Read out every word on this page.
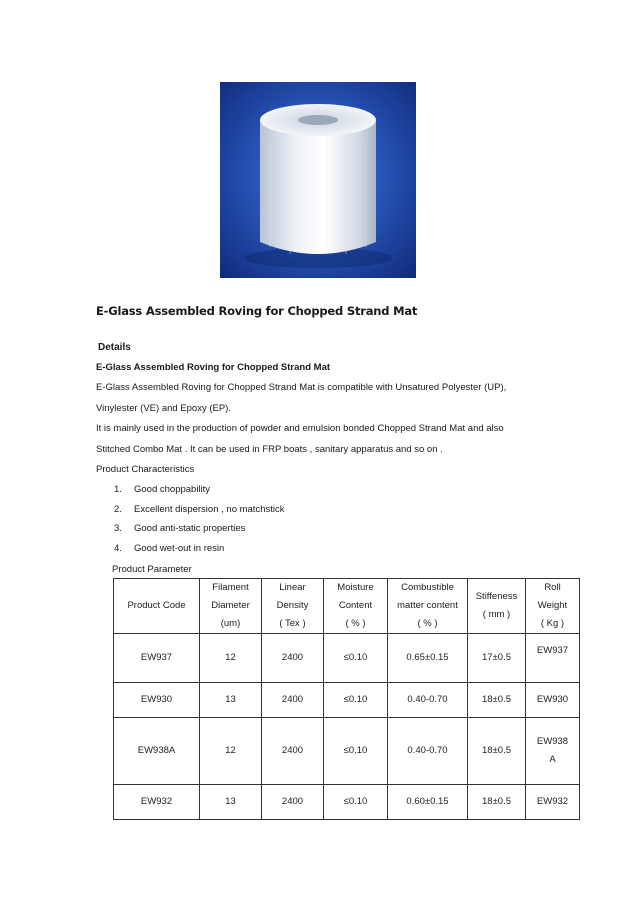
E-Glass Assembled Roving for Chopped Strand Mat
Details
E-Glass Assembled Roving for Chopped Strand Mat
E-Glass Assembled Roving for Chopped Strand Mat is compatible with Unsatured Polyester (UP),
Vinylester (VE) and Epoxy (EP).
It is mainly used in the production of powder and emulsion bonded Chopped Strand Mat and also
Stitched Combo Mat . It can be used in FRP boats , sanitary apparatus and so on .
Product Characteristics
1. Good choppability
2. Excellent dispersion , no matchstick
3. Good anti-static properties
4. Good wet-out in resin
Product Parameter
Product Code	Filament
Diameter
(um)	Linear
Density
( Tex )	Moisture
Content
( % )	Combustible
matter content
( % )	Stiffeness
( mm )	Roll
Weight
( Kg )

EW937	12	2400	≤0.10	0.65±0.15	17±0.5	EW937
EW930	13	2400	≤0.10	0.40-0.70	18±0.5	EW930
EW938A	12	2400	≤0.10	0.40-0.70	18±0.5	EW938 A
EW932	13	2400	≤0.10	0.60±0.15	18±0.5	EW932
